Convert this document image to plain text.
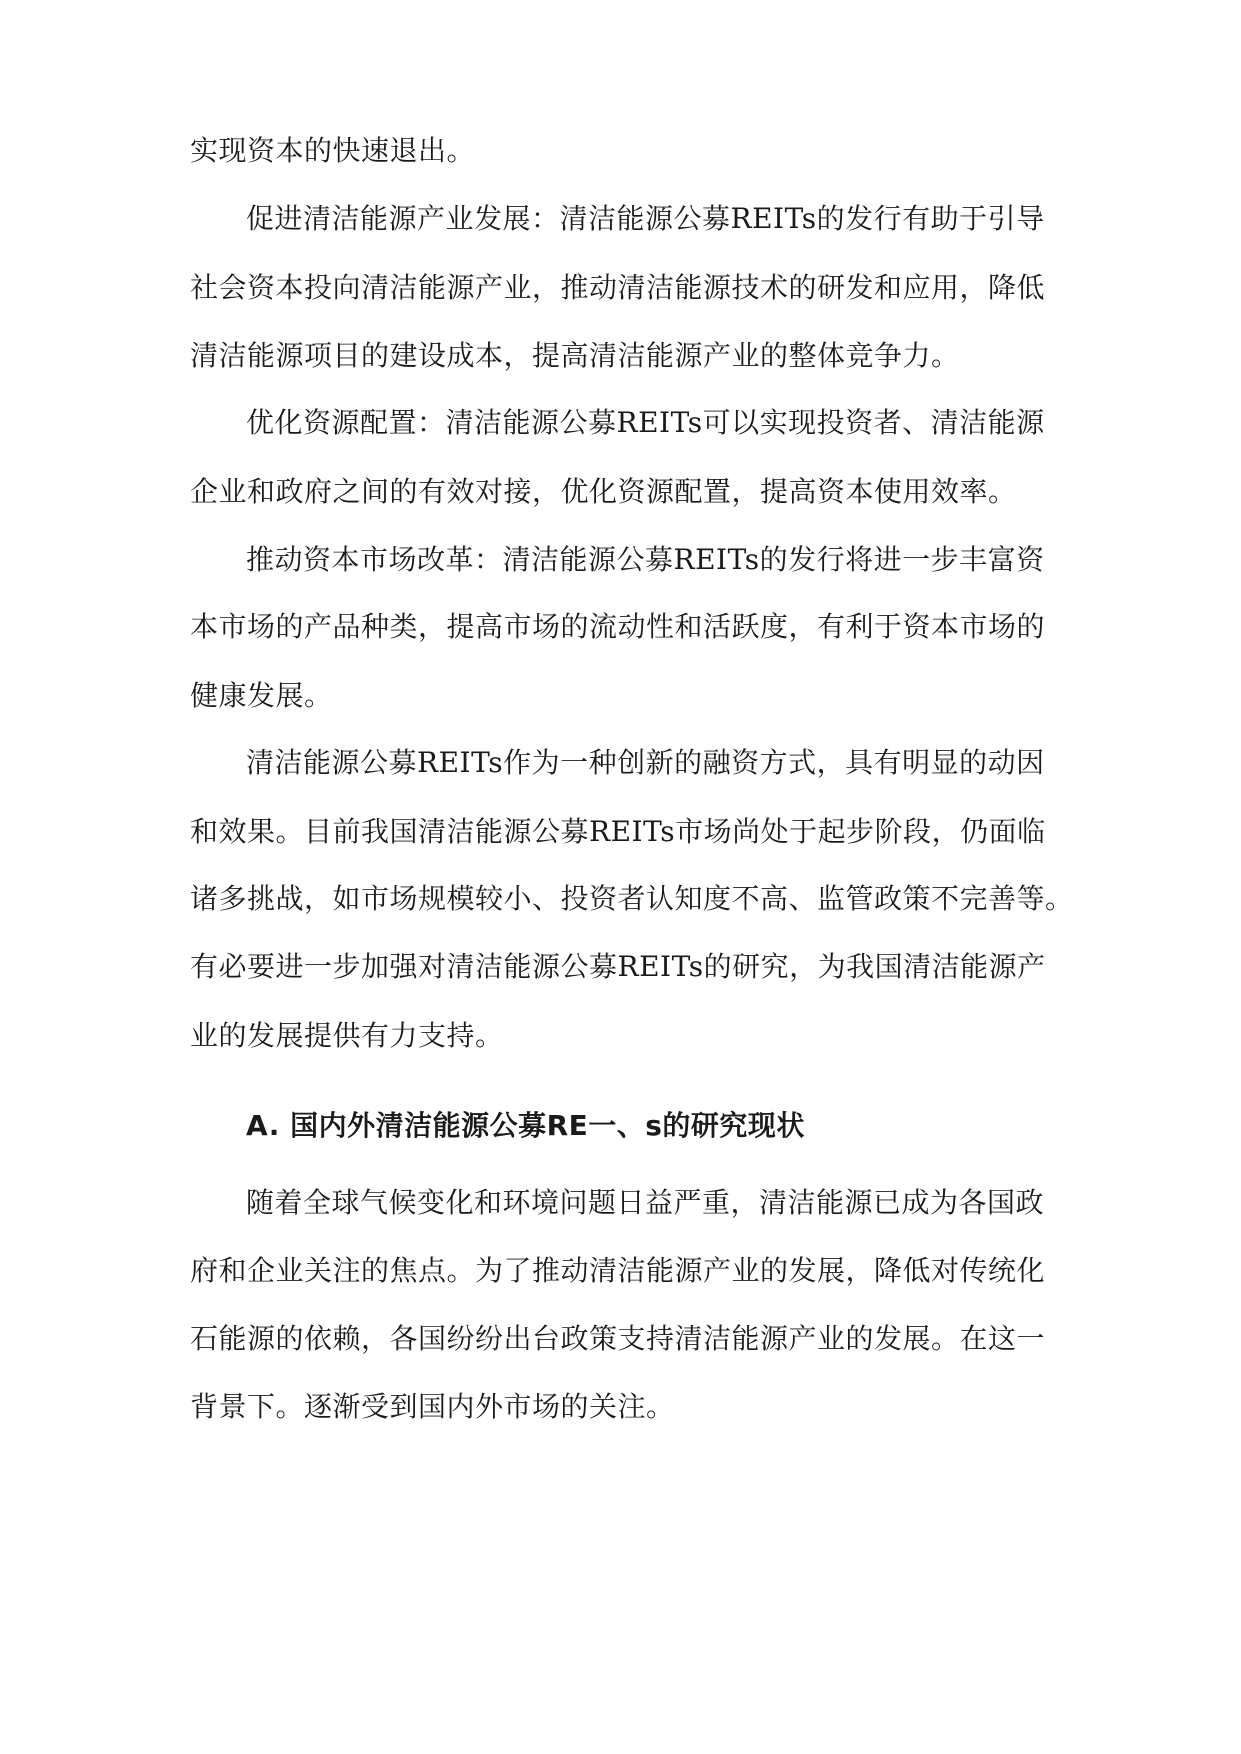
实现资本的快速退出。
促进清洁能源产业发展：清洁能源公募REITs的发行有助于引导
社会资本投向清洁能源产业，推动清洁能源技术的研发和应用，降低
清洁能源项目的建设成本，提高清洁能源产业的整体竞争力。
优化资源配置：清洁能源公募REITs可以实现投资者、清洁能源
企业和政府之间的有效对接，优化资源配置，提高资本使用效率。
推动资本市场改革：清洁能源公募REITs的发行将进一步丰富资
本市场的产品种类，提高市场的流动性和活跃度，有利于资本市场的
健康发展。
清洁能源公募REITs作为一种创新的融资方式，具有明显的动因
和效果。目前我国清洁能源公募REITs市场尚处于起步阶段，仍面临
诸多挑战，如市场规模较小、投资者认知度不高、监管政策不完善等。
有必要进一步加强对清洁能源公募REITs的研究，为我国清洁能源产
业的发展提供有力支持。
A. 国内外清洁能源公募RE一、s的研究现状
随着全球气候变化和环境问题日益严重，清洁能源已成为各国政
府和企业关注的焦点。为了推动清洁能源产业的发展，降低对传统化
石能源的依赖，各国纷纷出台政策支持清洁能源产业的发展。在这一
背景下。逐渐受到国内外市场的关注。
